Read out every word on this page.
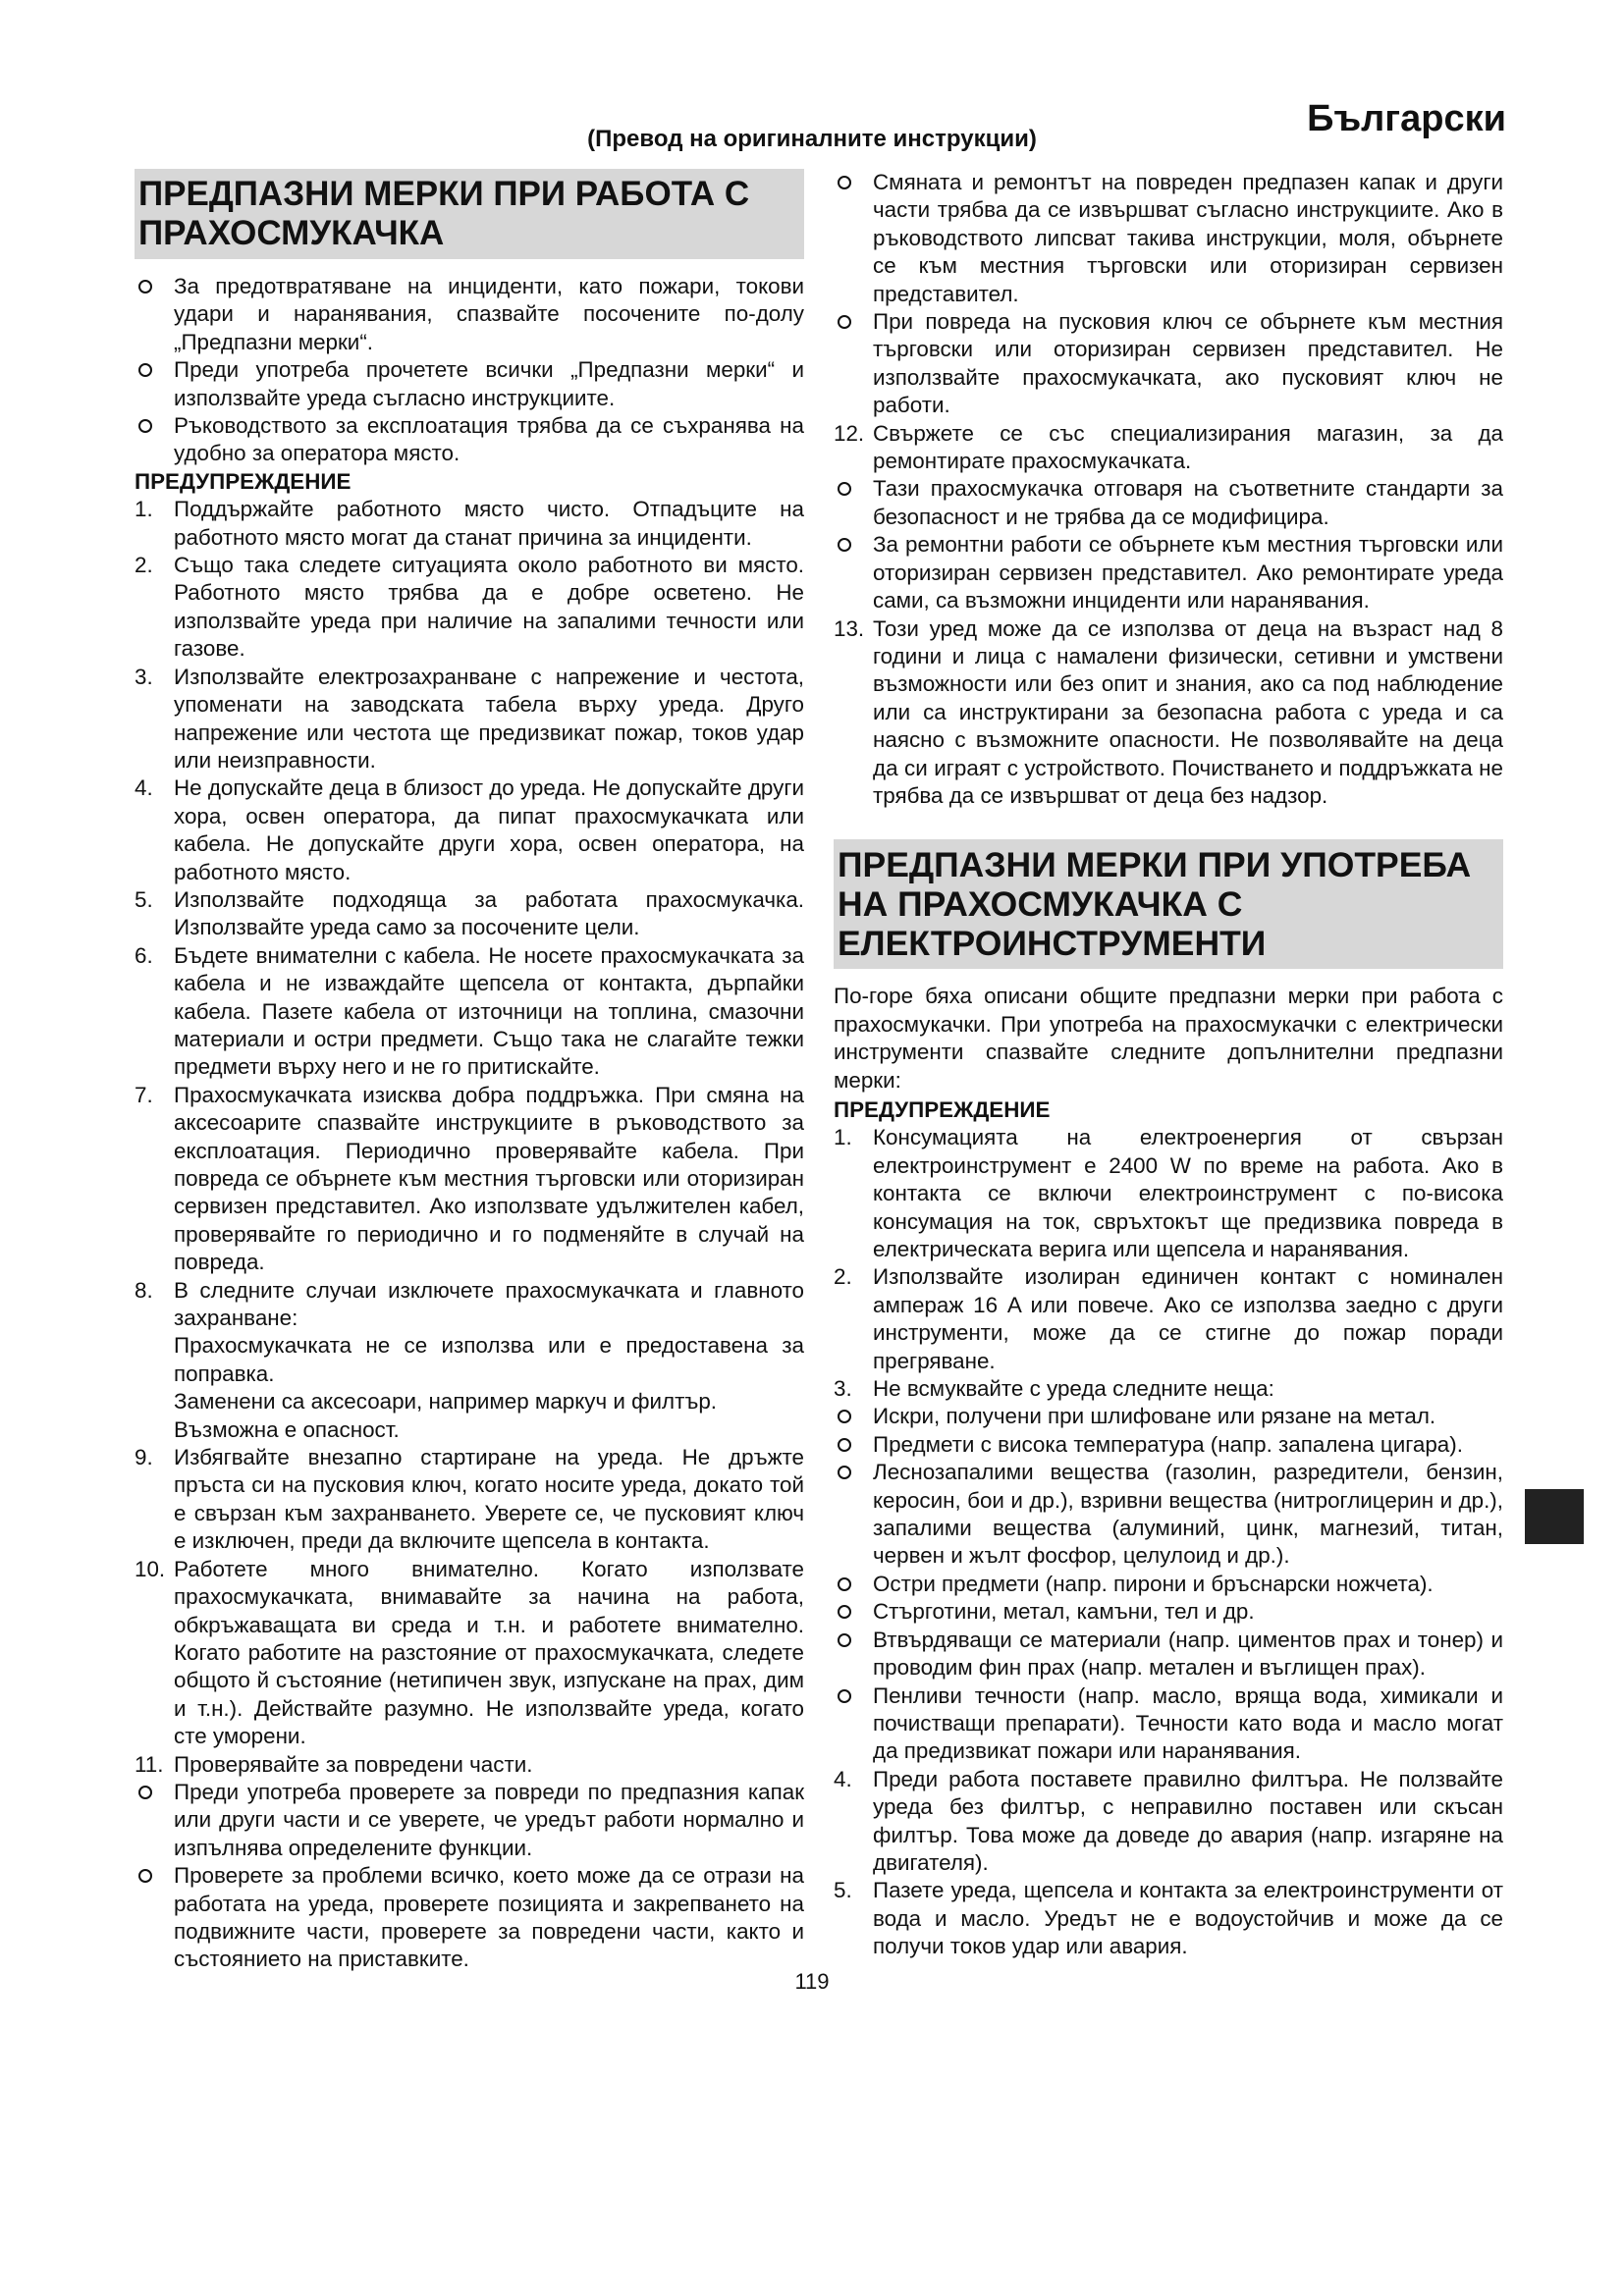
(Превод на оригиналните инструкции)	Български
ПРЕДПАЗНИ МЕРКИ ПРИ РАБОТА С ПРАХОСМУКАЧКА
За предотвратяване на инциденти, като пожари, токови удари и наранявания, спазвайте посочените по-долу „Предпазни мерки“.
Преди употреба прочетете всички „Предпазни мерки“ и използвайте уреда съгласно инструкциите.
Ръководството за експлоатация трябва да се съхранява на удобно за оператора място.
ПРЕДУПРЕЖДЕНИЕ
1. Поддържайте работното място чисто. Отпадъците на работното място могат да станат причина за инциденти.
2. Също така следете ситуацията около работното ви място. Работното място трябва да е добре осветено. Не използвайте уреда при наличие на запалими течности или газове.
3. Използвайте електрозахранване с напрежение и честота, упоменати на заводската табела върху уреда. Друго напрежение или честота ще предизвикат пожар, токов удар или неизправности.
4. Не допускайте деца в близост до уреда. Не допускайте други хора, освен оператора, да пипат прахосмукачката или кабела. Не допускайте други хора, освен оператора, на работното място.
5. Използвайте подходяща за работата прахосмукачка. Използвайте уреда само за посочените цели.
6. Бъдете внимателни с кабела. Не носете прахосмукачката за кабела и не изваждайте щепсела от контакта, дърпайки кабела. Пазете кабела от източници на топлина, смазочни материали и остри предмети. Също така не слагайте тежки предмети върху него и не го притискайте.
7. Прахосмукачката изисква добра поддръжка. При смяна на аксесоарите спазвайте инструкциите в ръководството за експлоатация. Периодично проверявайте кабела. При повреда се обърнете към местния търговски или оторизиран сервизен представител. Ако използвате удължителен кабел, проверявайте го периодично и го подменяйте в случай на повреда.
8. В следните случаи изключете прахосмукачката и главното захранване:
Прахосмукачката не се използва или е предоставена за поправка.
Заменени са аксесоари, например маркуч и филтър.
Възможна е опасност.
9. Избягвайте внезапно стартиране на уреда. Не дръжте пръста си на пусковия ключ, когато носите уреда, докато той е свързан към захранването. Уверете се, че пусковият ключ е изключен, преди да включите щепсела в контакта.
10. Работете много внимателно. Когато използвате прахосмукачката, внимавайте за начина на работа, обкръжаващата ви среда и т.н. и работете внимателно. Когато работите на разстояние от прахосмукачката, следете общото й състояние (нетипичен звук, изпускане на прах, дим и т.н.). Действайте разумно. Не използвайте уреда, когато сте уморени.
11. Проверявайте за повредени части.
Преди употреба проверете за повреди по предпазния капак или други части и се уверете, че уредът работи нормално и изпълнява определените функции.
Проверете за проблеми всичко, което може да се отрази на работата на уреда, проверете позицията и закрепването на подвижните части, проверете за повредени части, както и състоянието на приставките.
Смяната и ремонтът на повреден предпазен капак и други части трябва да се извършват съгласно инструкциите. Ако в ръководството липсват такива инструкции, моля, обърнете се към местния търговски или оторизиран сервизен представител.
При повреда на пусковия ключ се обърнете към местния търговски или оторизиран сервизен представител. Не използвайте прахосмукачката, ако пусковият ключ не работи.
12. Свържете се със специализирания магазин, за да ремонтирате прахосмукачката.
Тази прахосмукачка отговаря на съответните стандарти за безопасност и не трябва да се модифицира.
За ремонтни работи се обърнете към местния търговски или оторизиран сервизен представител. Ако ремонтирате уреда сами, са възможни инциденти или наранявания.
13. Този уред може да се използва от деца на възраст над 8 години и лица с намалени физически, сетивни и умствени възможности или без опит и знания, ако са под наблюдение или са инструктирани за безопасна работа с уреда и са наясно с възможните опасности. Не позволявайте на деца да си играят с устройството. Почистването и поддръжката не трябва да се извършват от деца без надзор.
ПРЕДПАЗНИ МЕРКИ ПРИ УПОТРЕБА НА ПРАХОСМУКАЧКА С ЕЛЕКТРОИНСТРУМЕНТИ
По-горе бяха описани общите предпазни мерки при работа с прахосмукачки. При употреба на прахосмукачки с електрически инструменти спазвайте следните допълнителни предпазни мерки:
ПРЕДУПРЕЖДЕНИЕ
1. Консумацията на електроенергия от свързан електроинструмент е 2400 W по време на работа. Ако в контакта се включи електроинструмент с по-висока консумация на ток, свръхтокът ще предизвика повреда в електрическата верига или щепсела и наранявания.
2. Използвайте изолиран единичен контакт с номинален ампераж 16 A или повече. Ако се използва заедно с други инструменти, може да се стигне до пожар поради прегряване.
3. Не всмуквайте с уреда следните неща:
Искри, получени при шлифоване или рязане на метал.
Предмети с висока температура (напр. запалена цигара).
Леснозапалими вещества (газолин, разредители, бензин, керосин, бои и др.), взривни вещества (нитроглицерин и др.), запалими вещества (алуминий, цинк, магнезий, титан, червен и жълт фосфор, целулоид и др.).
Остри предмети (напр. пирони и бръснарски ножчета).
Стърготини, метал, камъни, тел и др.
Втвърдяващи се материали (напр. циментов прах и тонер) и проводим фин прах (напр. метален и въглищен прах).
Пенливи течности (напр. масло, вряща вода, химикали и почистващи препарати). Течности като вода и масло могат да предизвикат пожари или наранявания.
4. Преди работа поставете правилно филтъра. Не ползвайте уреда без филтър, с неправилно поставен или скъсан филтър. Това може да доведе до авария (напр. изгаряне на двигателя).
5. Пазете уреда, щепсела и контакта за електроинструменти от вода и масло. Уредът не е водоустойчив и може да се получи токов удар или авария.
119
